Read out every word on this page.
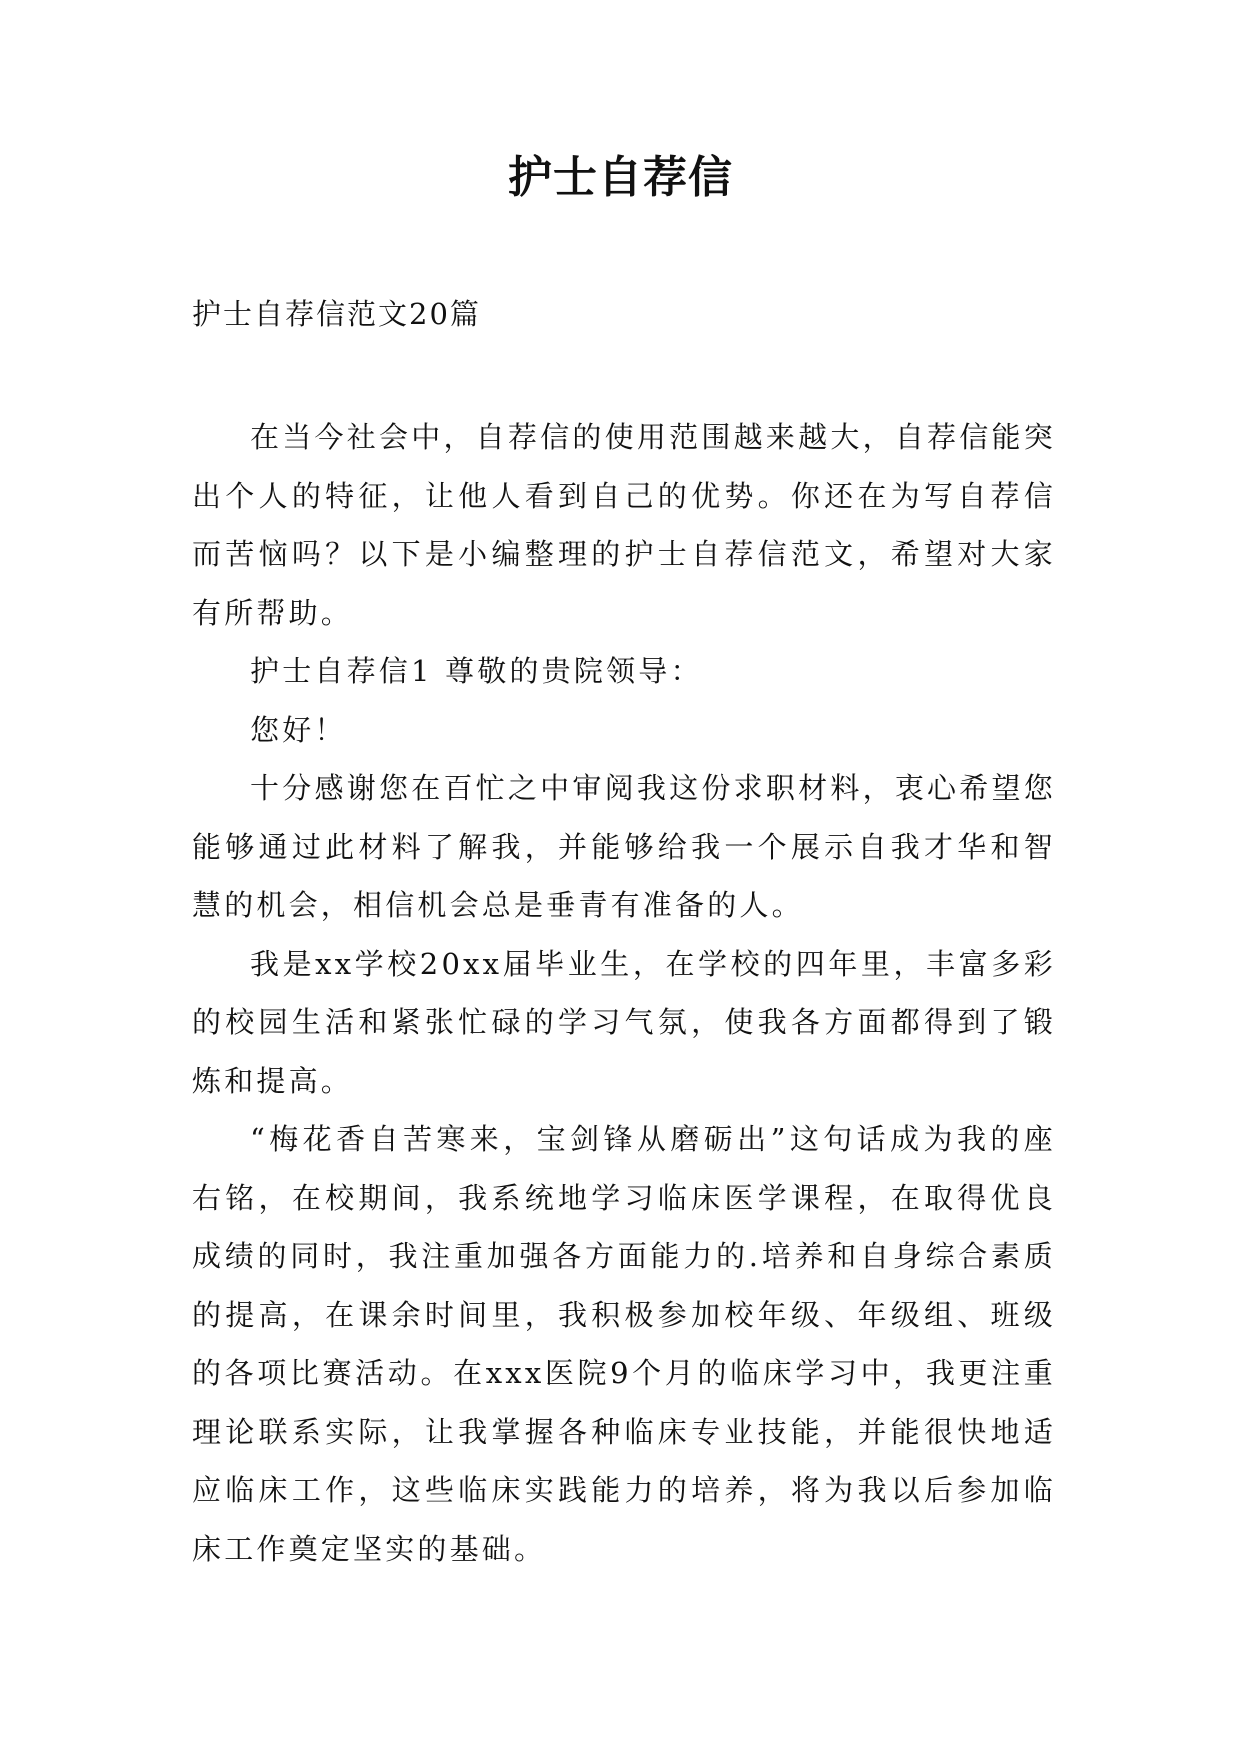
护士自荐信

护士自荐信范文20篇

在当今社会中，自荐信的使用范围越来越大，自荐信能突出个人的特征，让他人看到自己的优势。你还在为写自荐信而苦恼吗？以下是小编整理的护士自荐信范文，希望对大家有所帮助。

护士自荐信1 尊敬的贵院领导：

您好！

十分感谢您在百忙之中审阅我这份求职材料，衷心希望您能够通过此材料了解我，并能够给我一个展示自我才华和智慧的机会，相信机会总是垂青有准备的人。

我是xx学校20xx届毕业生，在学校的四年里，丰富多彩的校园生活和紧张忙碌的学习气氛，使我各方面都得到了锻炼和提高。

“梅花香自苦寒来，宝剑锋从磨砺出”这句话成为我的座右铭，在校期间，我系统地学习临床医学课程，在取得优良成绩的同时，我注重加强各方面能力的.培养和自身综合素质的提高，在课余时间里，我积极参加校年级、年级组、班级的各项比赛活动。在xxx医院9个月的临床学习中，我更注重理论联系实际，让我掌握各种临床专业技能，并能很快地适应临床工作，这些临床实践能力的培养，将为我以后参加临床工作奠定坚实的基础。
